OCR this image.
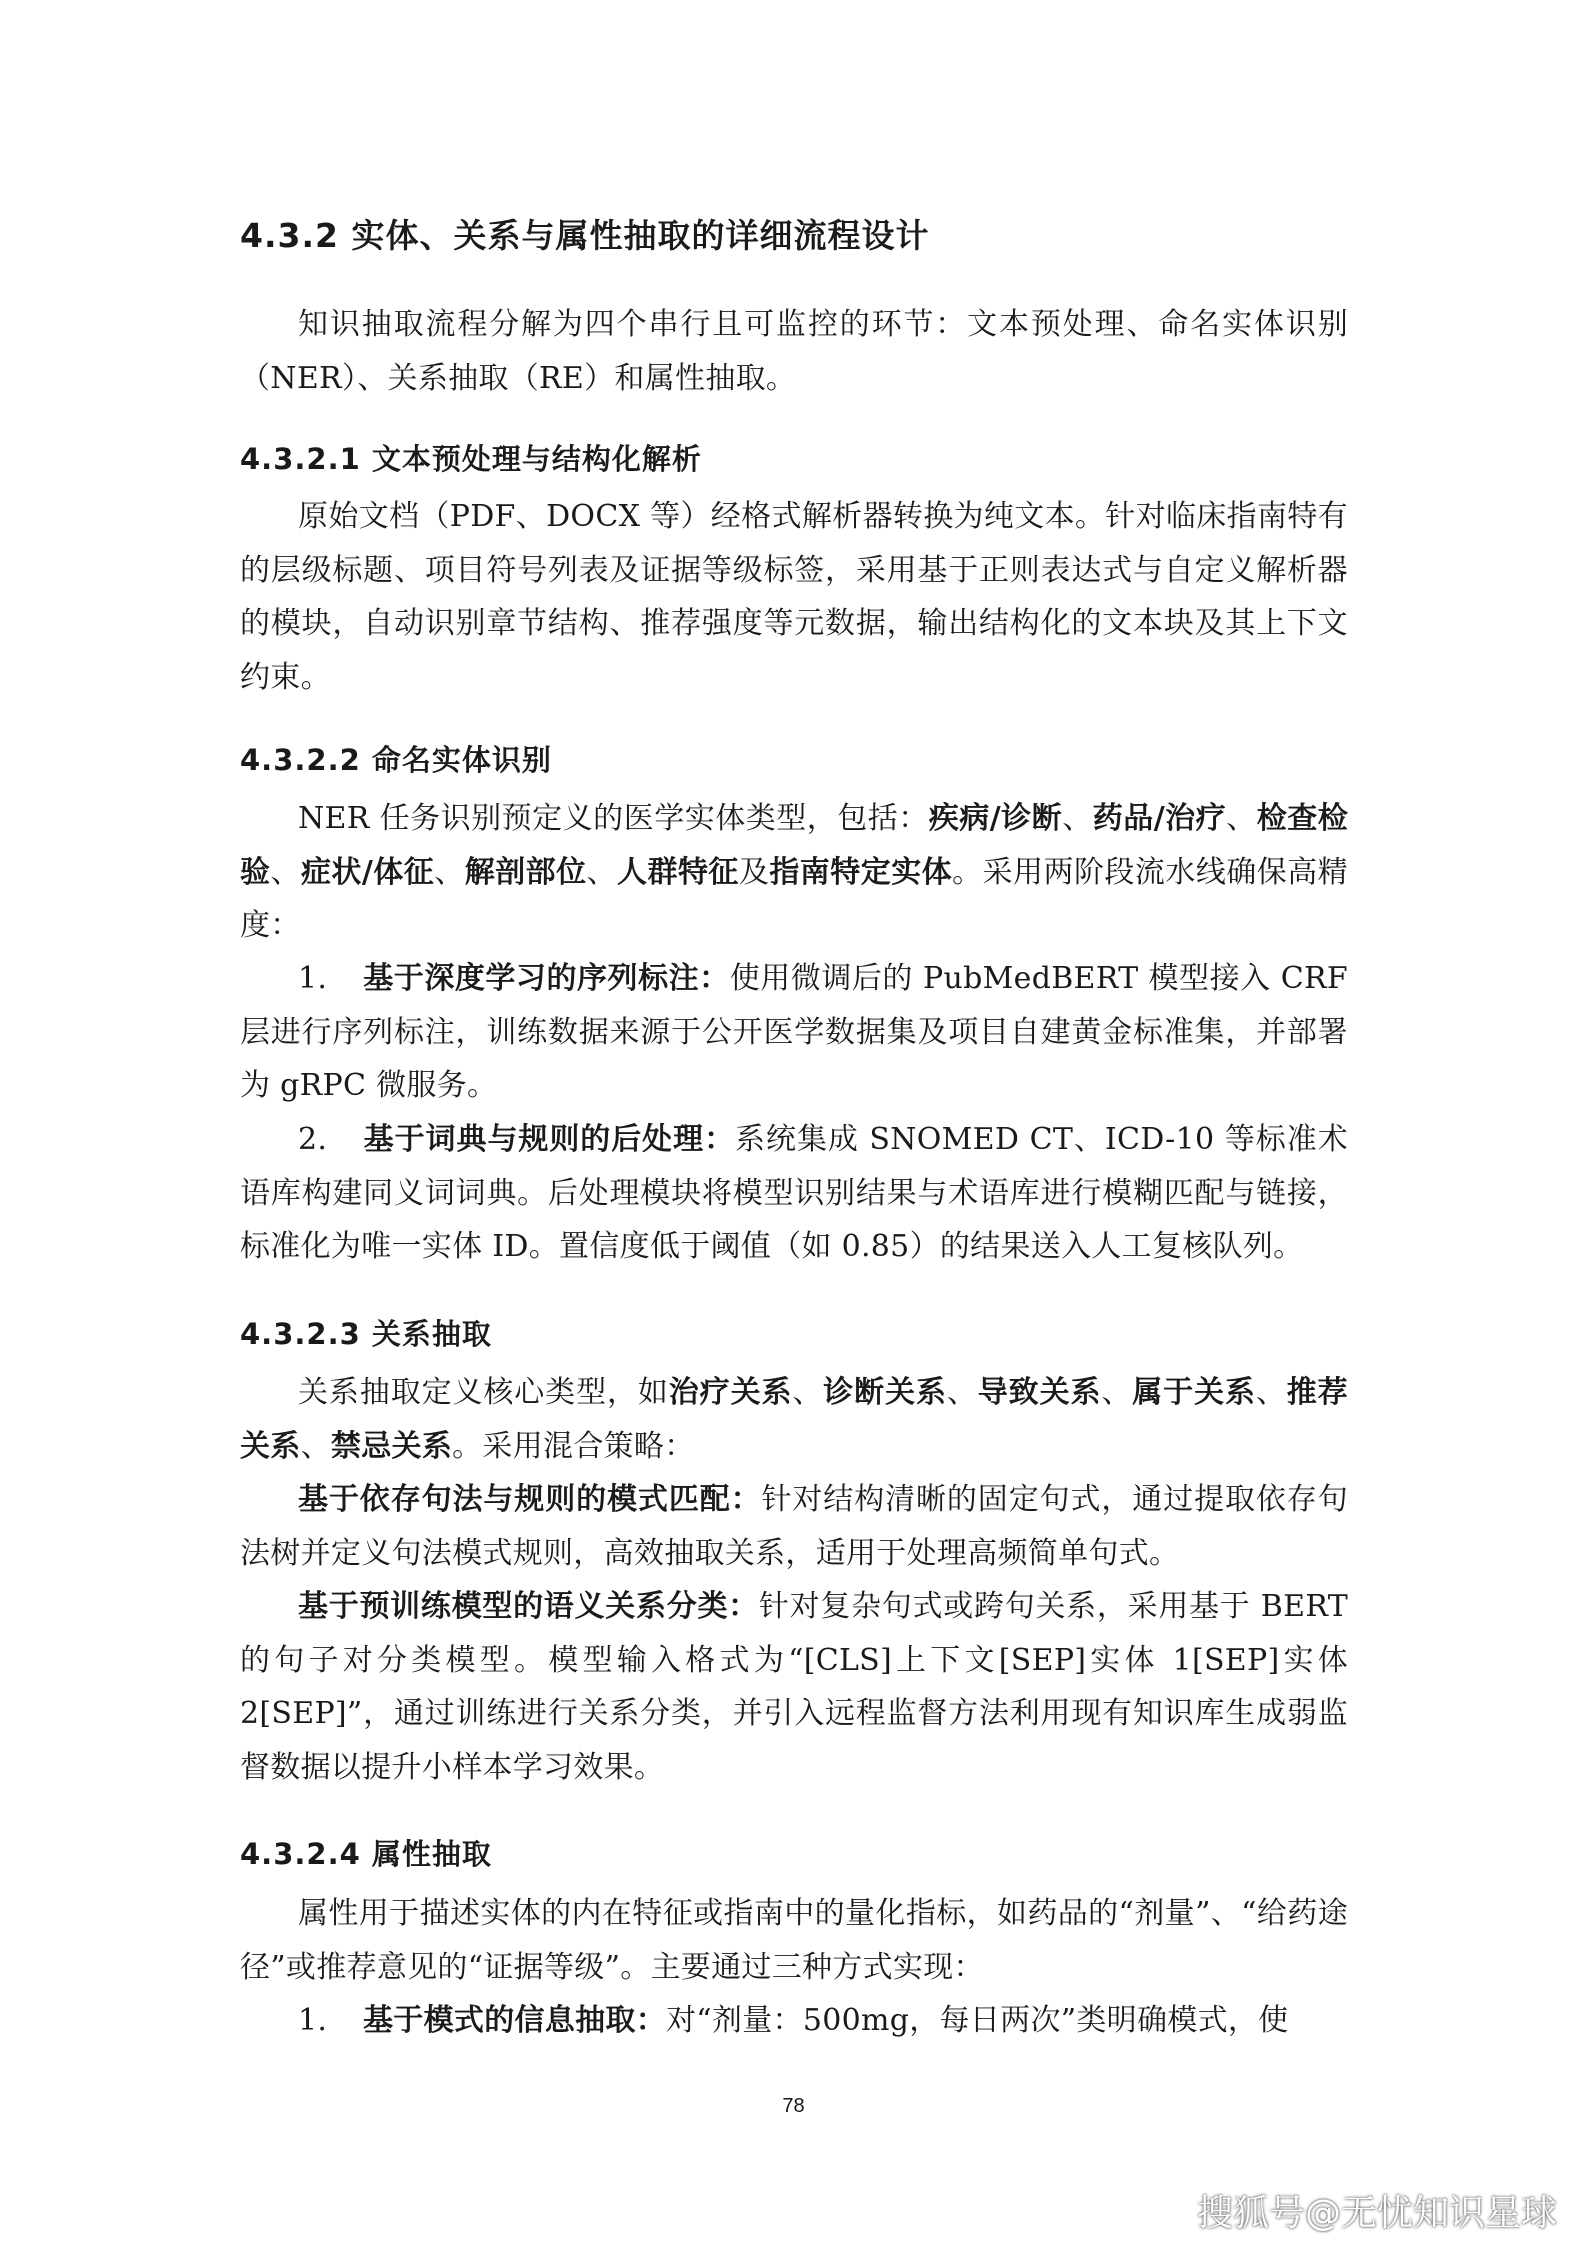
4.3.2 实体、关系与属性抽取的详细流程设计

知识抽取流程分解为四个串行且可监控的环节：文本预处理、命名实体识别（NER）、关系抽取（RE）和属性抽取。

4.3.2.1 文本预处理与结构化解析

原始文档（PDF、DOCX 等）经格式解析器转换为纯文本。针对临床指南特有的层级标题、项目符号列表及证据等级标签，采用基于正则表达式与自定义解析器的模块，自动识别章节结构、推荐强度等元数据，输出结构化的文本块及其上下文约束。

4.3.2.2 命名实体识别

NER 任务识别预定义的医学实体类型，包括：疾病/诊断、药品/治疗、检查检验、症状/体征、解剖部位、人群特征及指南特定实体。采用两阶段流水线确保高精度：

1. 基于深度学习的序列标注：使用微调后的 PubMedBERT 模型接入 CRF 层进行序列标注，训练数据来源于公开医学数据集及项目自建黄金标准集，并部署为 gRPC 微服务。

2. 基于词典与规则的后处理：系统集成 SNOMED CT、ICD-10 等标准术语库构建同义词词典。后处理模块将模型识别结果与术语库进行模糊匹配与链接，标准化为唯一实体 ID。置信度低于阈值（如 0.85）的结果送入人工复核队列。

4.3.2.3 关系抽取

关系抽取定义核心类型，如治疗关系、诊断关系、导致关系、属于关系、推荐关系、禁忌关系。采用混合策略：

基于依存句法与规则的模式匹配：针对结构清晰的固定句式，通过提取依存句法树并定义句法模式规则，高效抽取关系，适用于处理高频简单句式。

基于预训练模型的语义关系分类：针对复杂句式或跨句关系，采用基于 BERT 的句子对分类模型。模型输入格式为“[CLS]上下文[SEP]实体 1[SEP]实体 2[SEP]”，通过训练进行关系分类，并引入远程监督方法利用现有知识库生成弱监督数据以提升小样本学习效果。

4.3.2.4 属性抽取

属性用于描述实体的内在特征或指南中的量化指标，如药品的“剂量”、“给药途径”或推荐意见的“证据等级”。主要通过三种方式实现：

1. 基于模式的信息抽取：对“剂量：500mg，每日两次”类明确模式，使

78
搜狐号@无忧知识星球
